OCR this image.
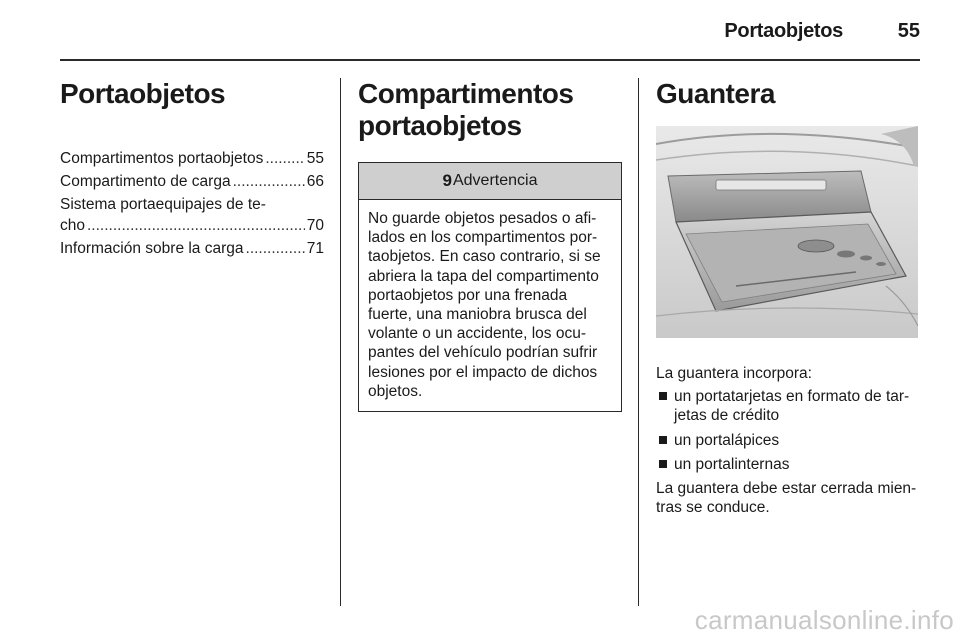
Portaobjetos	55
Portaobjetos
Compartimentos portaobjetos .....	55
Compartimento de carga .....	66
Sistema portaequipajes de te-
cho .....	70
Información sobre la carga .....	71
Compartimentos
portaobjetos
9 Advertencia
No guarde objetos pesados o afi-lados en los compartimentos por-taobjetos. En caso contrario, si se abriera la tapa del compartimento portaobjetos por una frenada fuerte, una maniobra brusca del volante o un accidente, los ocu-pantes del vehículo podrían sufrir lesiones por el impacto de dichos objetos.
Guantera
La guantera incorpora:
un portatarjetas en formato de tar-jetas de crédito
un portalápices
un portalinternas
La guantera debe estar cerrada mien-tras se conduce.
carmanualsonline.info
